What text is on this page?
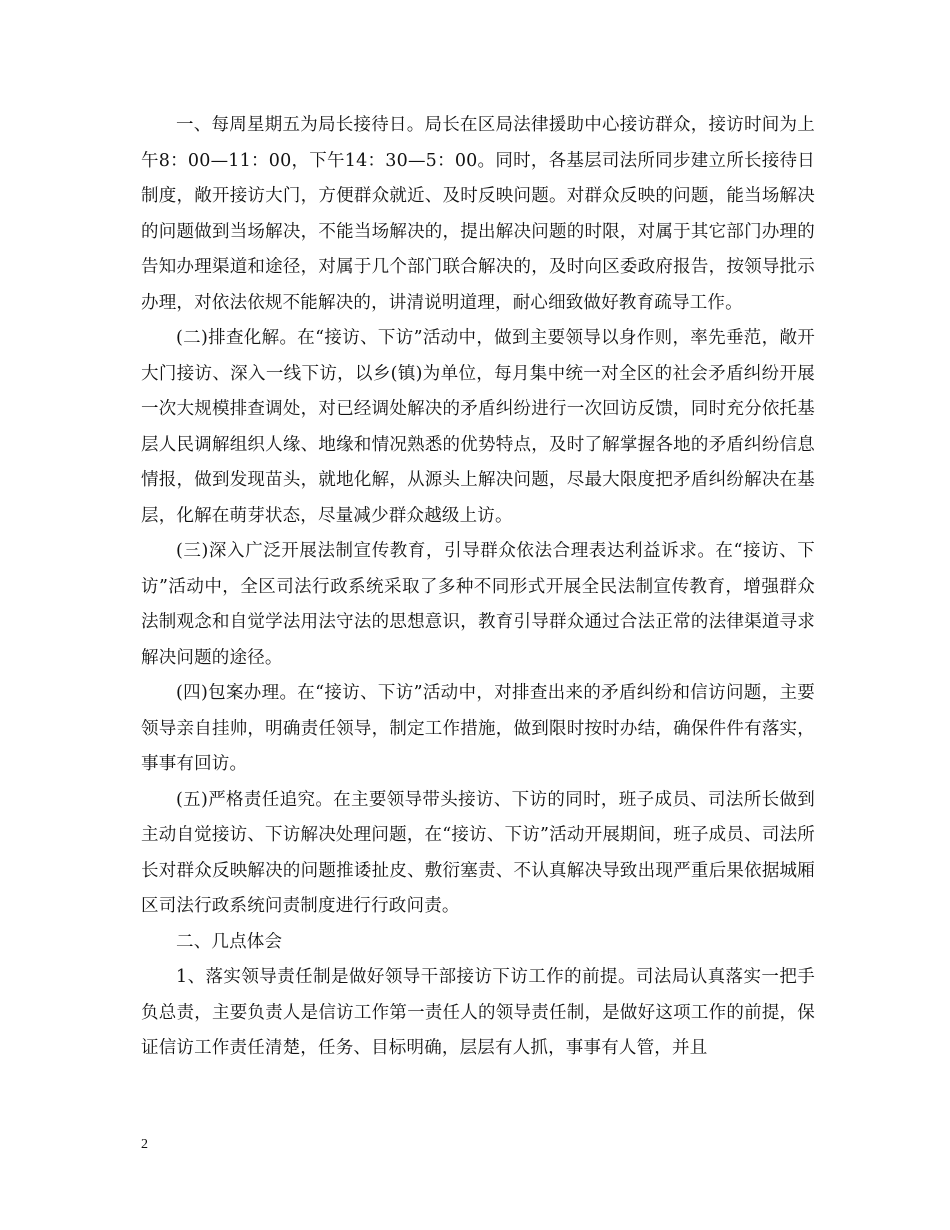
一、每周星期五为局长接待日。局长在区局法律援助中心接访群众，接访时间为上午8：00—11：00，下午14：30—5：00。同时，各基层司法所同步建立所长接待日制度，敞开接访大门，方便群众就近、及时反映问题。对群众反映的问题，能当场解决的问题做到当场解决，不能当场解决的，提出解决问题的时限，对属于其它部门办理的告知办理渠道和途径，对属于几个部门联合解决的，及时向区委政府报告，按领导批示办理，对依法依规不能解决的，讲清说明道理，耐心细致做好教育疏导工作。

(二)排查化解。在“接访、下访”活动中，做到主要领导以身作则，率先垂范，敞开大门接访、深入一线下访，以乡(镇)为单位，每月集中统一对全区的社会矛盾纠纷开展一次大规模排查调处，对已经调处解决的矛盾纠纷进行一次回访反馈，同时充分依托基层人民调解组织人缘、地缘和情况熟悉的优势特点，及时了解掌握各地的矛盾纠纷信息情报，做到发现苗头，就地化解，从源头上解决问题，尽最大限度把矛盾纠纷解决在基层，化解在萌芽状态，尽量减少群众越级上访。

(三)深入广泛开展法制宣传教育，引导群众依法合理表达利益诉求。在“接访、下访”活动中，全区司法行政系统采取了多种不同形式开展全民法制宣传教育，增强群众法制观念和自觉学法用法守法的思想意识，教育引导群众通过合法正常的法律渠道寻求解决问题的途径。

(四)包案办理。在“接访、下访”活动中，对排查出来的矛盾纠纷和信访问题，主要领导亲自挂帅，明确责任领导，制定工作措施，做到限时按时办结，确保件件有落实，事事有回访。

(五)严格责任追究。在主要领导带头接访、下访的同时，班子成员、司法所长做到主动自觉接访、下访解决处理问题，在“接访、下访”活动开展期间，班子成员、司法所长对群众反映解决的问题推诿扯皮、敷衍塞责、不认真解决导致出现严重后果依据城厢区司法行政系统问责制度进行行政问责。

二、几点体会

1、落实领导责任制是做好领导干部接访下访工作的前提。司法局认真落实一把手负总责，主要负责人是信访工作第一责任人的领导责任制，是做好这项工作的前提，保证信访工作责任清楚，任务、目标明确，层层有人抓，事事有人管，并且

2
